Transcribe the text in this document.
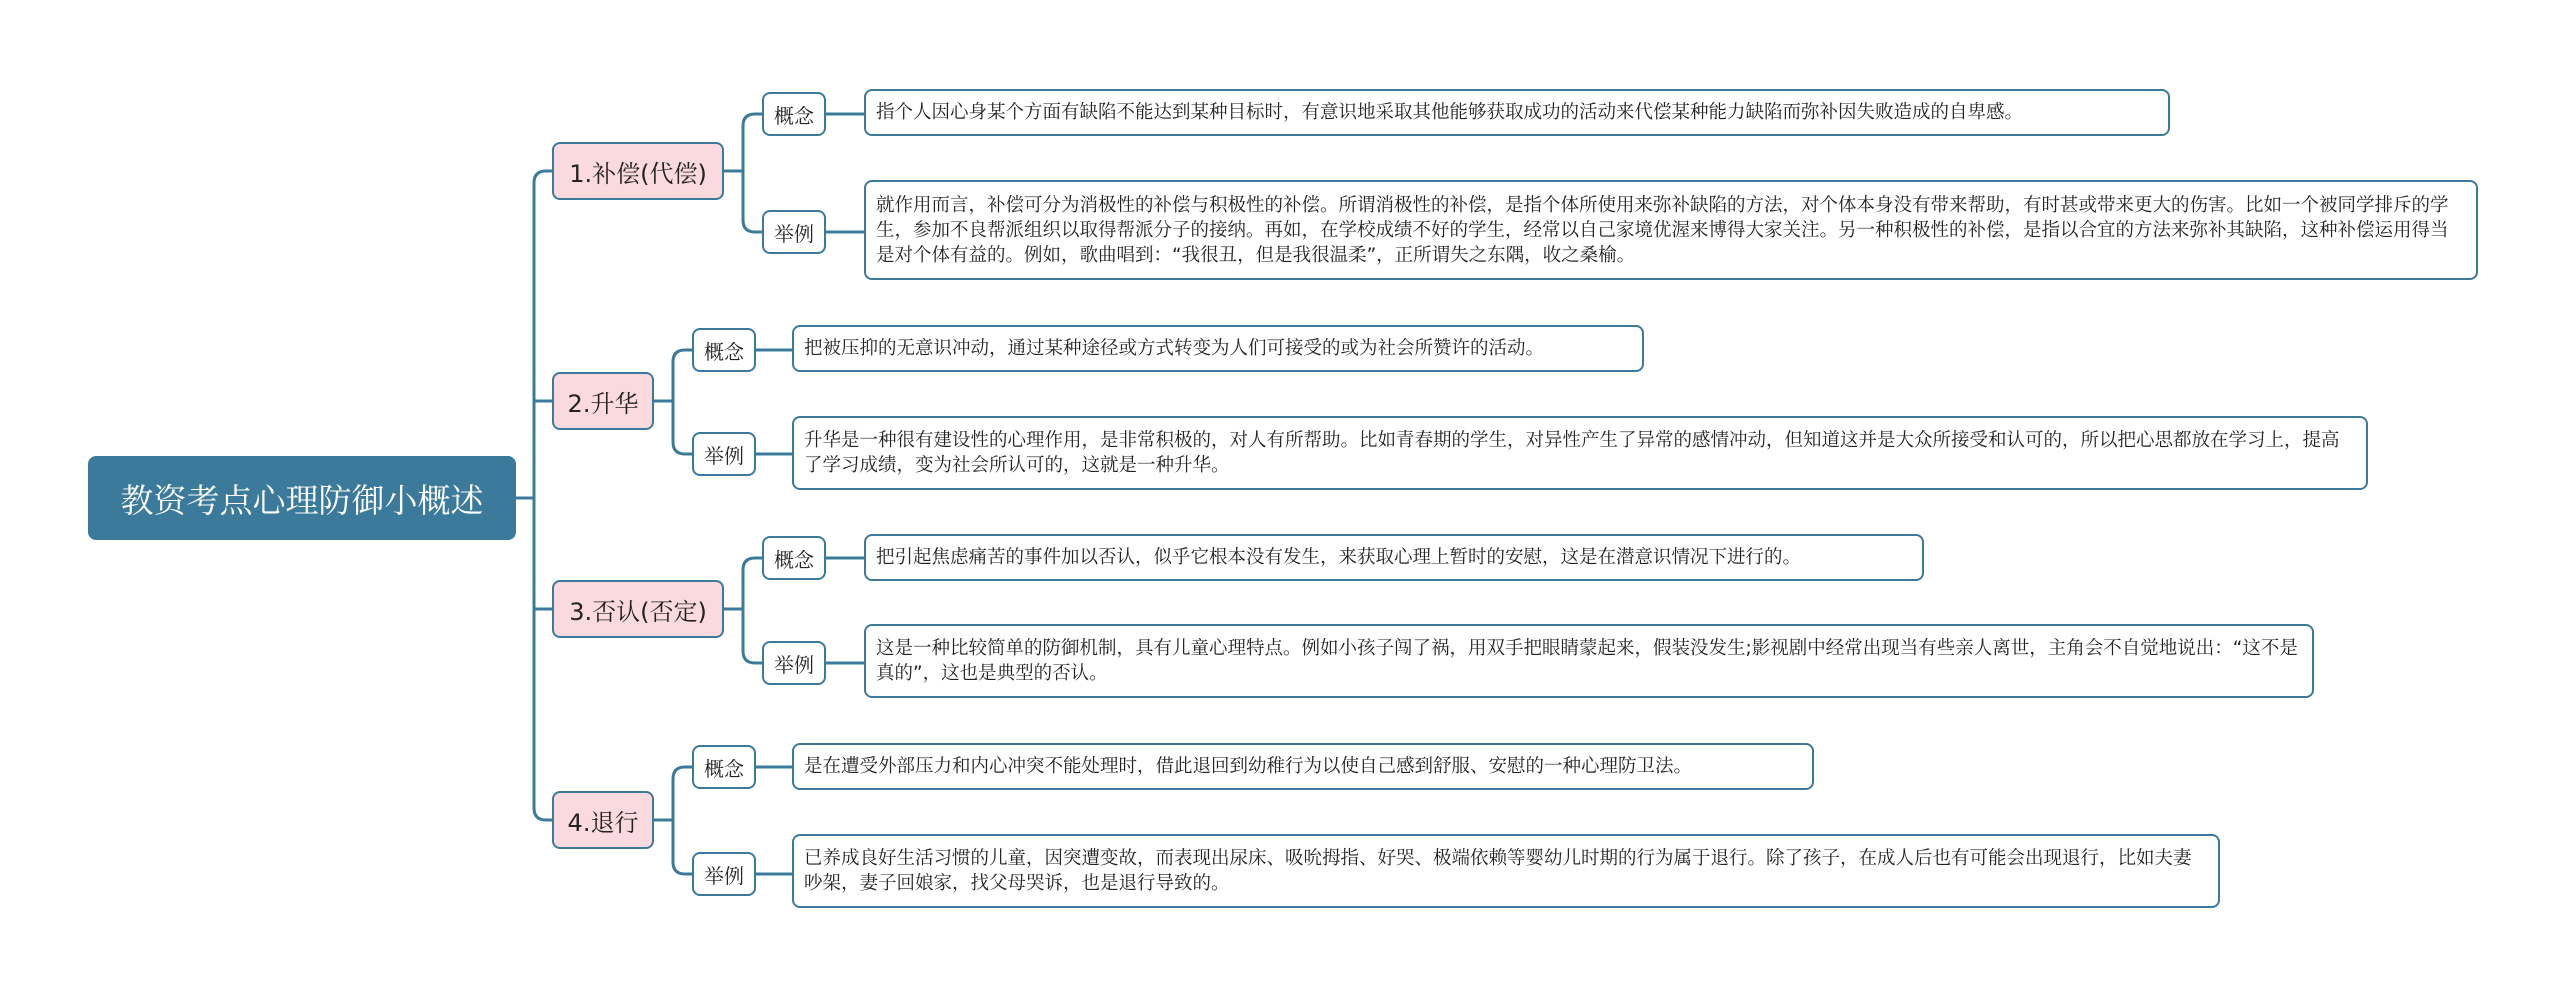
教资考点心理防御小概述
1.补偿(代偿)
概念	指个人因心身某个方面有缺陷不能达到某种目标时，有意识地采取其他能够获取成功的活动来代偿某种能力缺陷而弥补因失败造成的自卑感。
举例
就作用而言，补偿可分为消极性的补偿与积极性的补偿。所谓消极性的补偿，是指个体所使用来弥补缺陷的方法，对个体本身没有带来帮助，有时甚或带来更大的伤害。比如一个被同学排斥的学生，参加不良帮派组织以取得帮派分子的接纳。再如，在学校成绩不好的学生，经常以自己家境优渥来博得大家关注。另一种积极性的补偿，是指以合宜的方法来弥补其缺陷，这种补偿运用得当是对个体有益的。例如，歌曲唱到：“我很丑，但是我很温柔”，正所谓失之东隅，收之桑榆。
2.升华
概念	把被压抑的无意识冲动，通过某种途径或方式转变为人们可接受的或为社会所赞许的活动。
举例
升华是一种很有建设性的心理作用，是非常积极的，对人有所帮助。比如青春期的学生，对异性产生了异常的感情冲动，但知道这并是大众所接受和认可的，所以把心思都放在学习上，提高了学习成绩，变为社会所认可的，这就是一种升华。
3.否认(否定)
概念	把引起焦虑痛苦的事件加以否认，似乎它根本没有发生，来获取心理上暂时的安慰，这是在潜意识情况下进行的。
举例
这是一种比较简单的防御机制，具有儿童心理特点。例如小孩子闯了祸，用双手把眼睛蒙起来，假装没发生;影视剧中经常出现当有些亲人离世，主角会不自觉地说出：“这不是真的”，这也是典型的否认。
4.退行
概念	是在遭受外部压力和内心冲突不能处理时，借此退回到幼稚行为以使自己感到舒服、安慰的一种心理防卫法。
举例
已养成良好生活习惯的儿童，因突遭变故，而表现出尿床、吸吮拇指、好哭、极端依赖等婴幼儿时期的行为属于退行。除了孩子，在成人后也有可能会出现退行，比如夫妻吵架，妻子回娘家，找父母哭诉，也是退行导致的。
